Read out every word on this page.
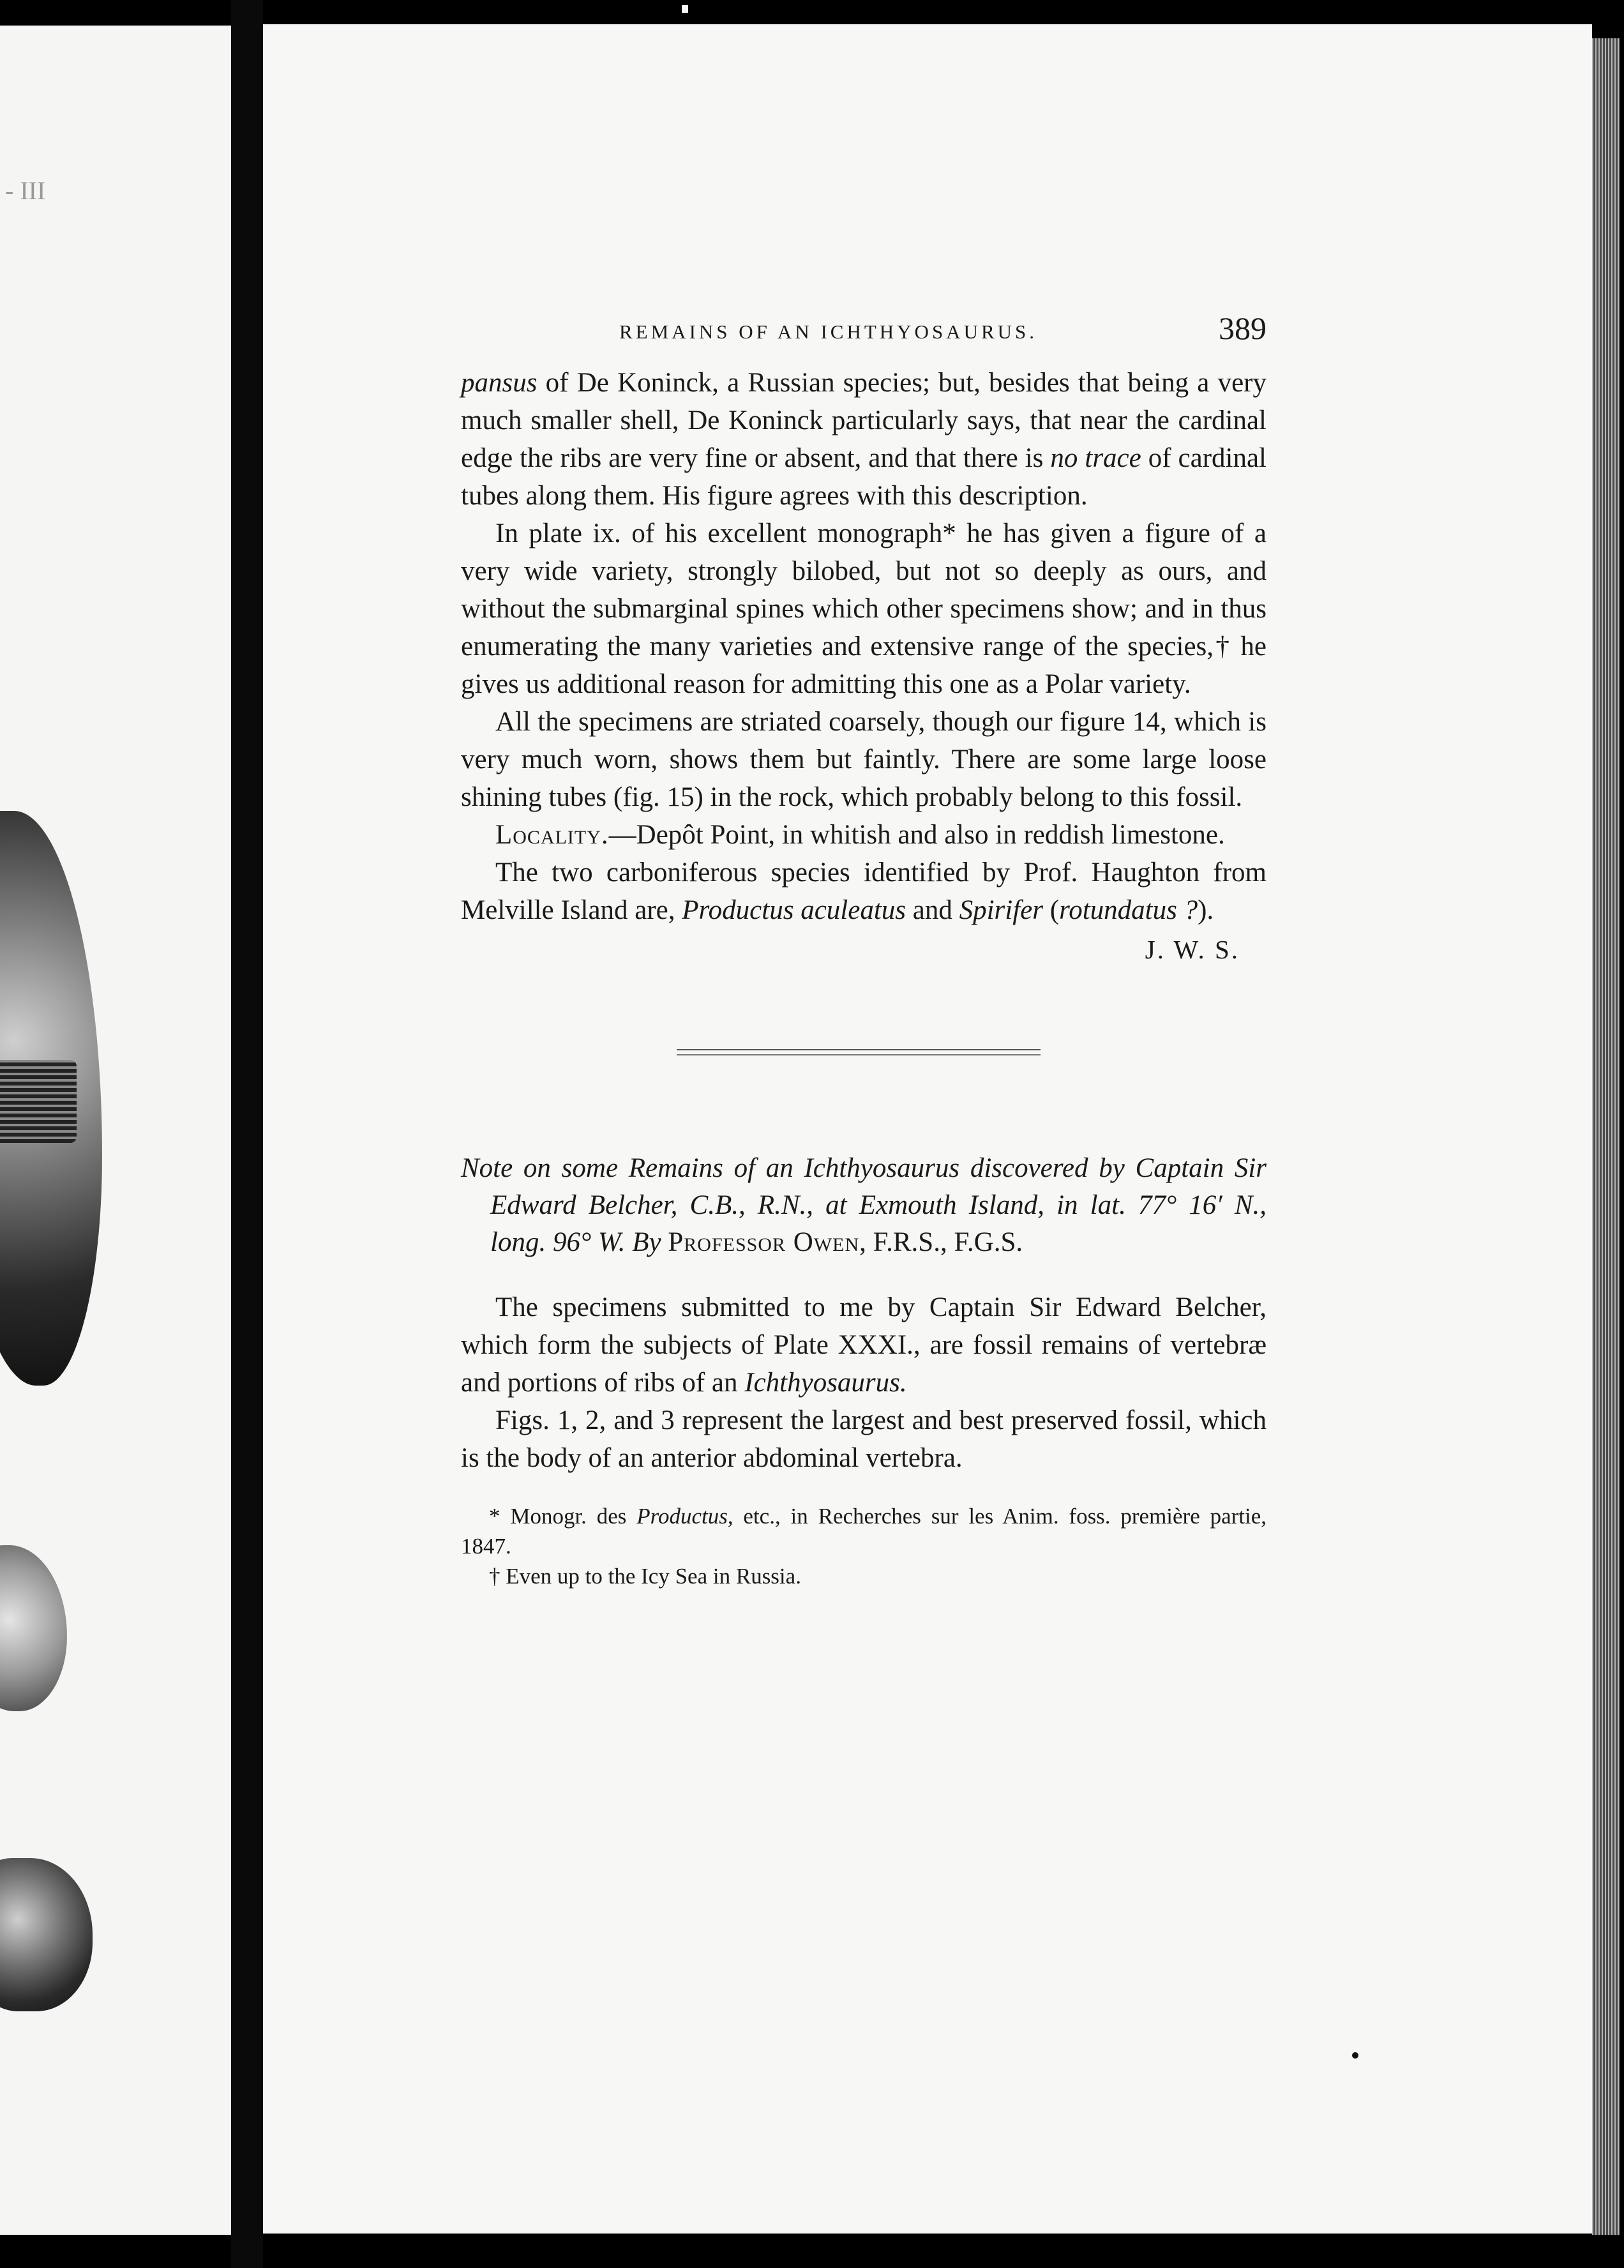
- III
REMAINS OF AN ICHTHYOSAURUS.	389

pansus of De Koninck, a Russian species; but, besides that being a very much smaller shell, De Koninck particularly says, that near the cardinal edge the ribs are very fine or absent, and that there is no trace of cardinal tubes along them. His figure agrees with this description.

In plate ix. of his excellent monograph* he has given a figure of a very wide variety, strongly bilobed, but not so deeply as ours, and without the submarginal spines which other specimens show; and in thus enumerating the many varieties and extensive range of the species,† he gives us additional reason for admitting this one as a Polar variety.

All the specimens are striated coarsely, though our figure 14, which is very much worn, shows them but faintly. There are some large loose shining tubes (fig. 15) in the rock, which probably belong to this fossil.

Locality.—Depôt Point, in whitish and also in reddish limestone.

The two carboniferous species identified by Prof. Haughton from Melville Island are, Productus aculeatus and Spirifer (rotundatus ?).

J. W. S.

Note on some Remains of an Ichthyosaurus discovered by Captain Sir Edward Belcher, C.B., R.N., at Exmouth Island, in lat. 77° 16′ N., long. 96° W. By Professor Owen, F.R.S., F.G.S.

The specimens submitted to me by Captain Sir Edward Belcher, which form the subjects of Plate XXXI., are fossil remains of vertebræ and portions of ribs of an Ichthyosaurus.

Figs. 1, 2, and 3 represent the largest and best preserved fossil, which is the body of an anterior abdominal vertebra.

* Monogr. des Productus, etc., in Recherches sur les Anim. foss. première partie, 1847.

† Even up to the Icy Sea in Russia.
